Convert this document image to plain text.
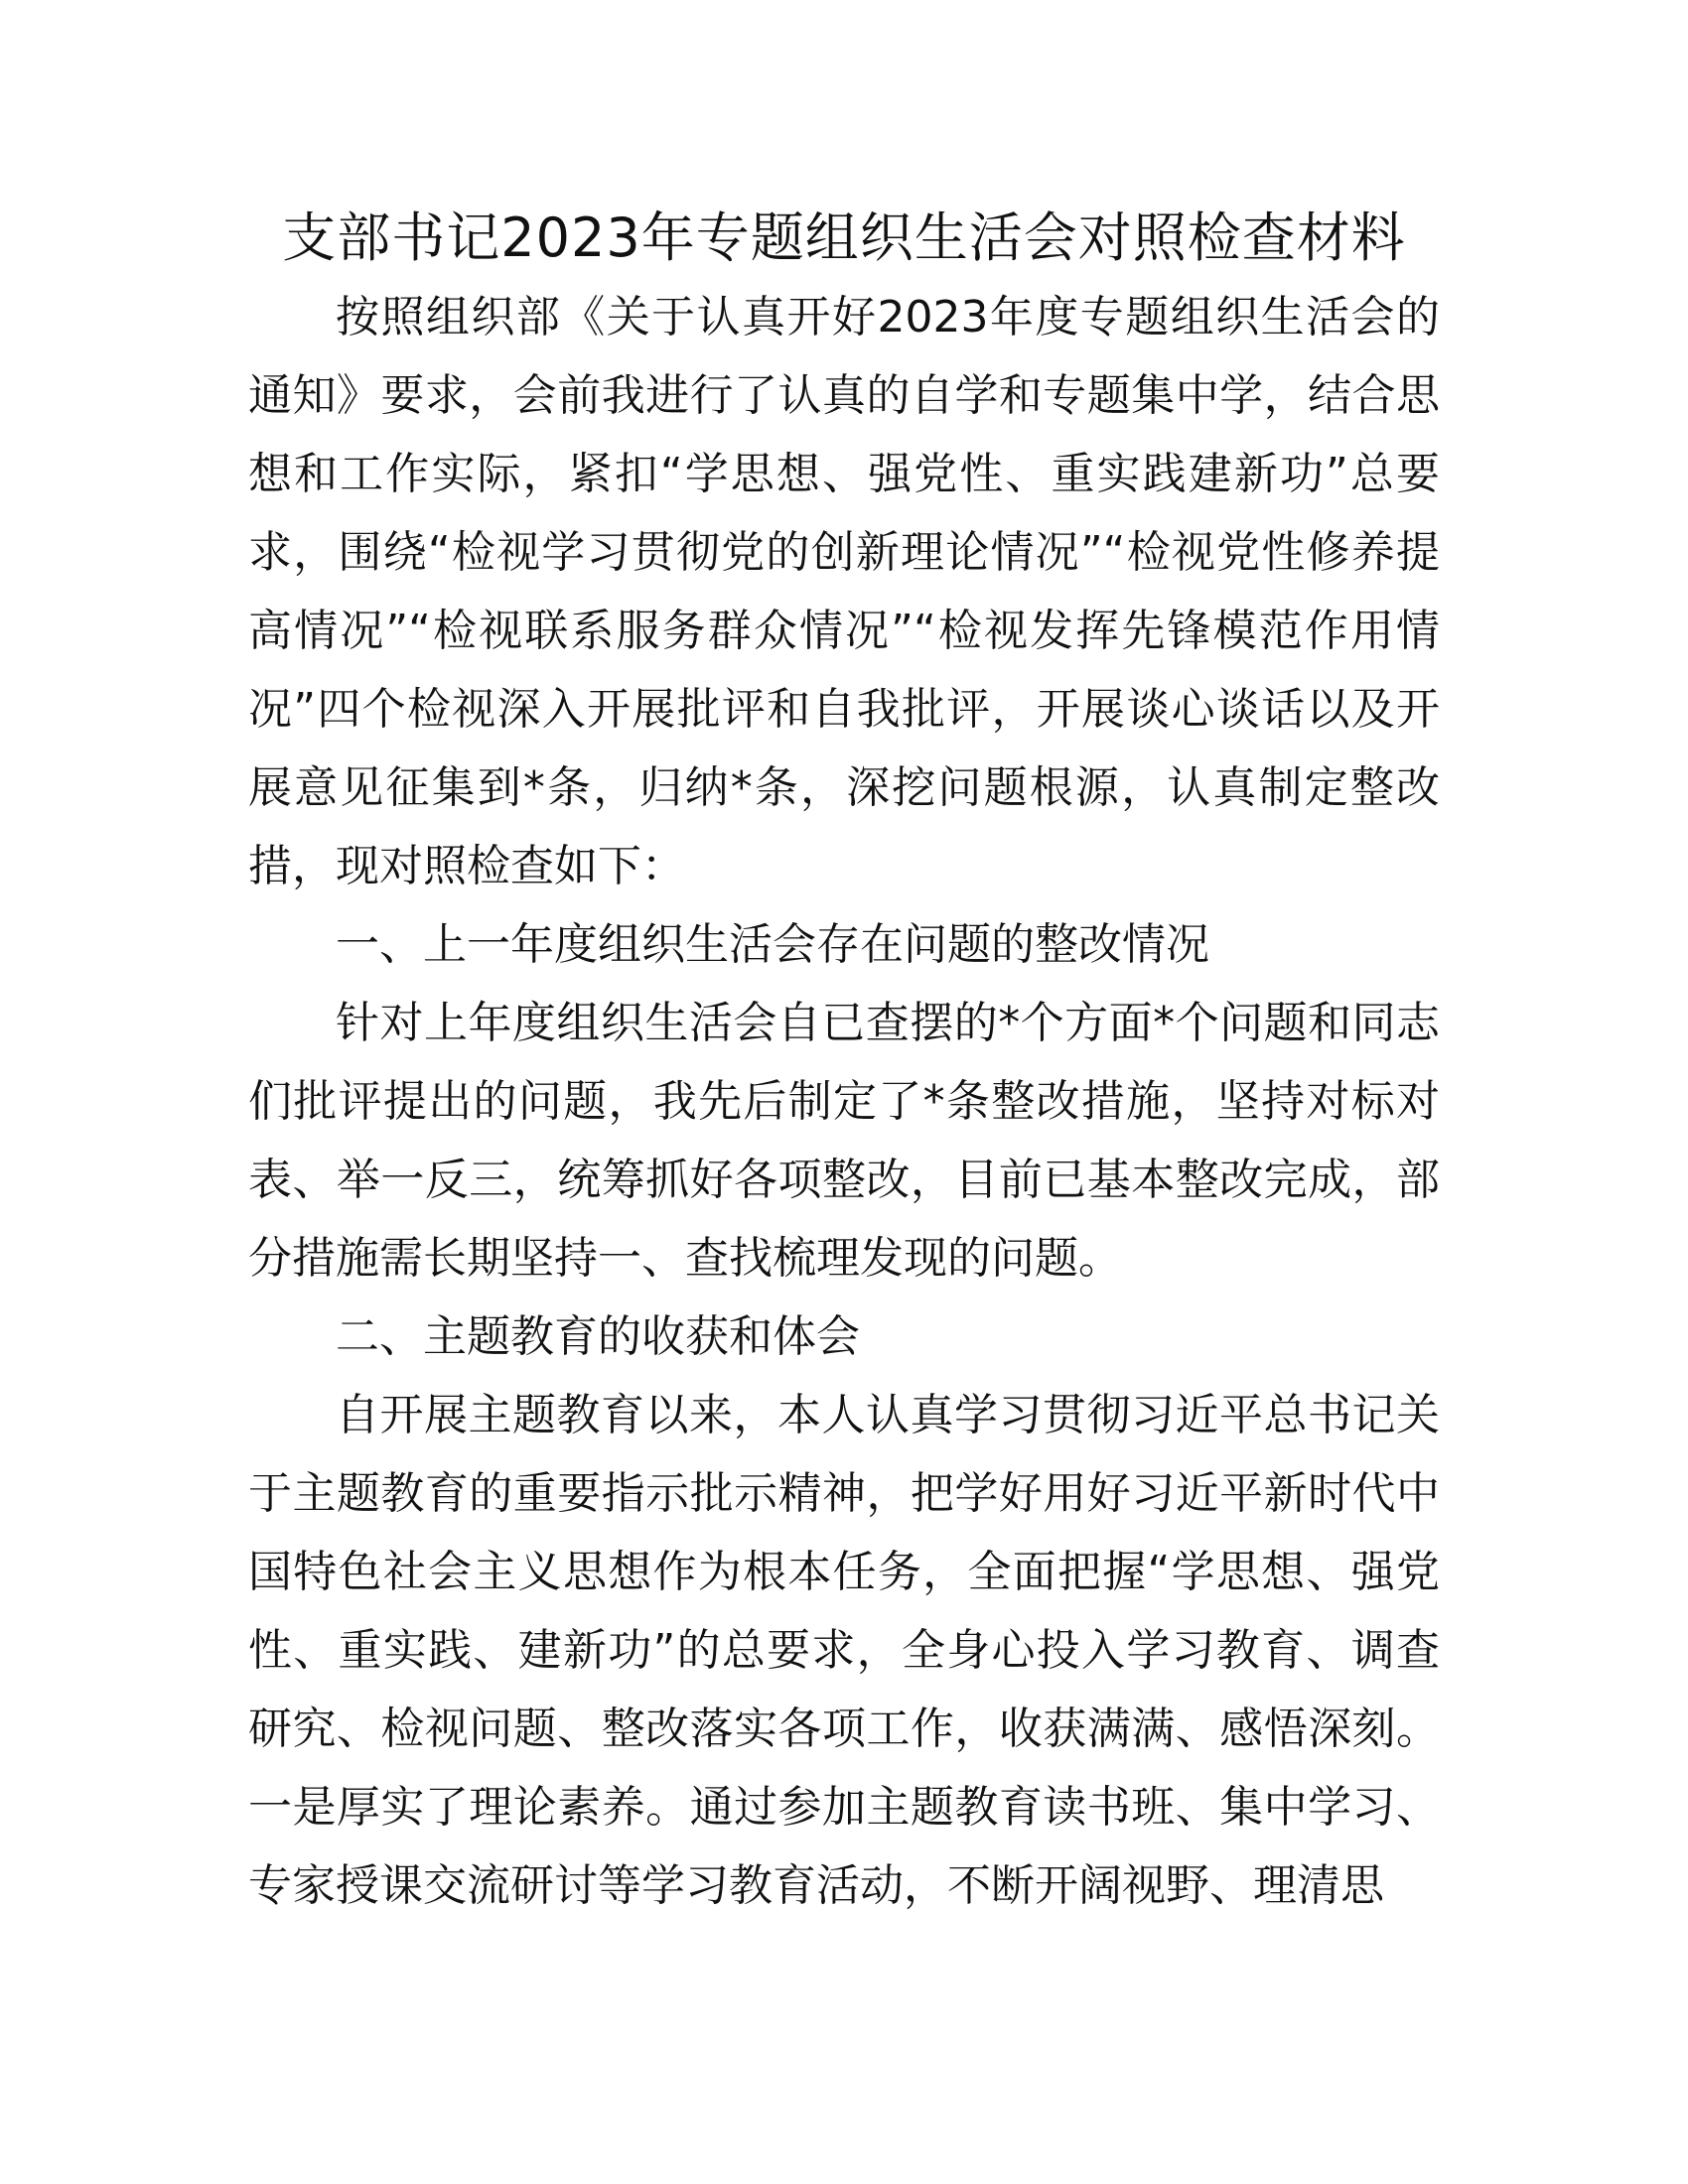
支部书记2023年专题组织生活会对照检查材料

按照组织部《关于认真开好2023年度专题组织生活会的通知》要求，会前我进行了认真的自学和专题集中学，结合思想和工作实际，紧扣“学思想、强党性、重实践建新功”总要求，围绕“检视学习贯彻党的创新理论情况”“检视党性修养提高情况”“检视联系服务群众情况”“检视发挥先锋模范作用情况”四个检视深入开展批评和自我批评，开展谈心谈话以及开展意见征集到*条，归纳*条，深挖问题根源，认真制定整改措，现对照检查如下：

一、上一年度组织生活会存在问题的整改情况

针对上年度组织生活会自已查摆的*个方面*个问题和同志们批评提出的问题，我先后制定了*条整改措施，坚持对标对表、举一反三，统筹抓好各项整改，目前已基本整改完成，部分措施需长期坚持一、查找梳理发现的问题。

二、主题教育的收获和体会

自开展主题教育以来，本人认真学习贯彻习近平总书记关于主题教育的重要指示批示精神，把学好用好习近平新时代中国特色社会主义思想作为根本任务，全面把握“学思想、强党性、重实践、建新功”的总要求，全身心投入学习教育、调查研究、检视问题、整改落实各项工作，收获满满、感悟深刻。一是厚实了理论素养。通过参加主题教育读书班、集中学习、专家授课交流研讨等学习教育活动，不断开阔视野、理清思
